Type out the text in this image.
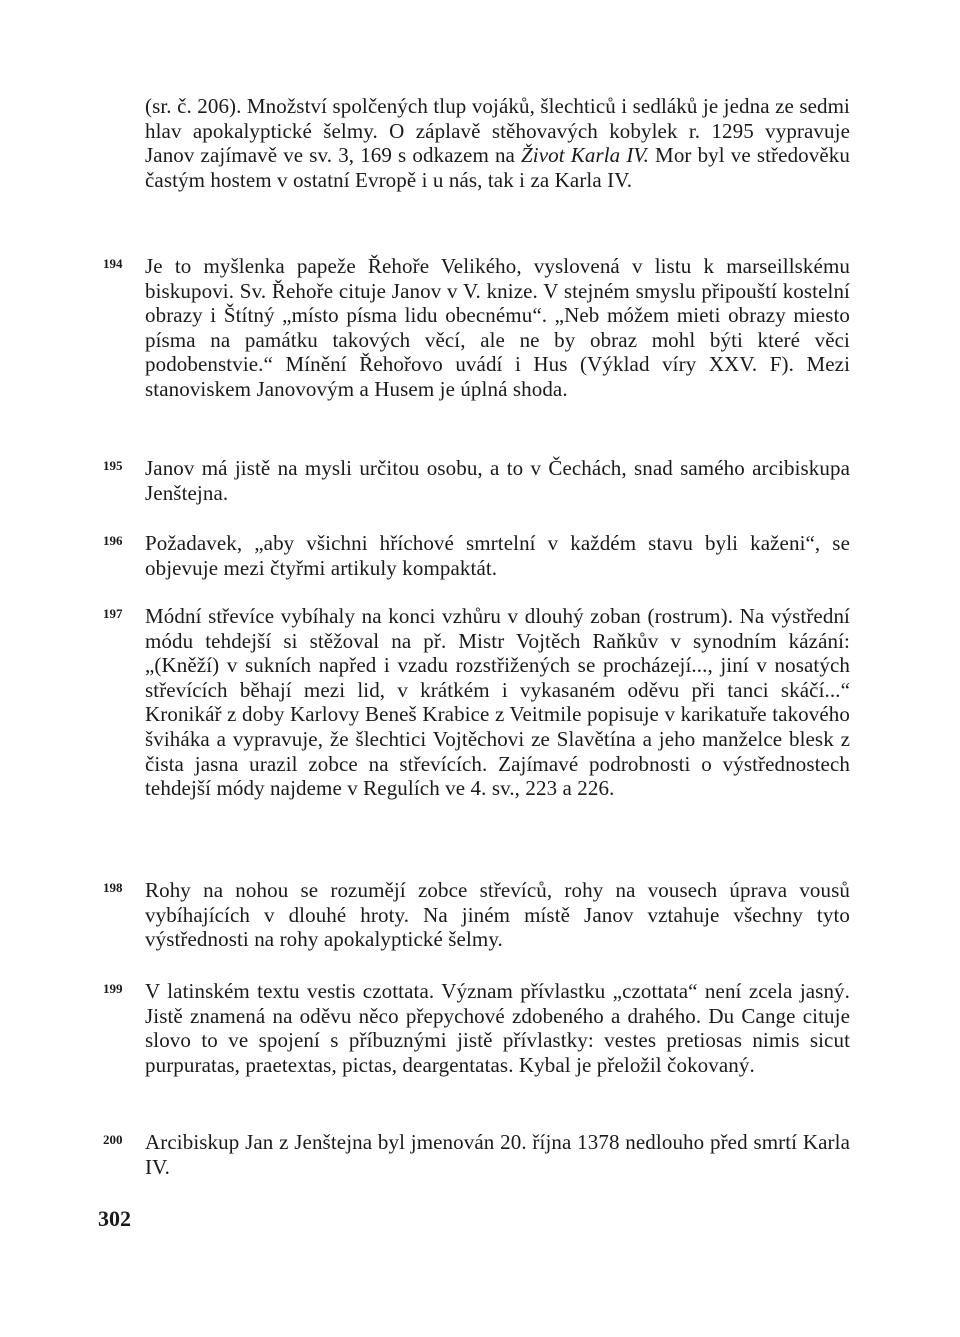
(sr. č. 206). Množství spolčených tlup vojáků, šlechticů i sedláků je jedna ze sedmi hlav apokalyptické šelmy. O záplavě stěhovavých kobylek r. 1295 vypravuje Janov zajímavě ve sv. 3, 169 s odkazem na Život Karla IV. Mor byl ve středověku častým hostem v ostatní Evropě i u nás, tak i za Karla IV.

194 Je to myšlenka papeže Řehoře Velikého, vyslovená v listu k marseillskému biskupovi. Sv. Řehoře cituje Janov v V. knize. V stejném smyslu připouští kostelní obrazy i Štítný „místo písma lidu obecnému“. „Neb móžem mieti obrazy miesto písma na památku takových věcí, ale ne by obraz mohl býti které věci podobenstvie.“ Mínění Řehořovo uvádí i Hus (Výklad víry XXV. F). Mezi stanoviskem Janovovým a Husem je úplná shoda.

195 Janov má jistě na mysli určitou osobu, a to v Čechách, snad samého arcibiskupa Jenštejna.

196 Požadavek, „aby všichni hříchové smrtelní v každém stavu byli kaženi“, se objevuje mezi čtyřmi artikuly kompaktát.

197 Módní střevíce vybíhaly na konci vzhůru v dlouhý zoban (rostrum). Na výstřední módu tehdejší si stěžoval na př. Mistr Vojtěch Raňkův v synodním kázání: „(Kněží) v sukních napřed i vzadu rozstřižených se procházejí..., jiní v nosatých střevících běhají mezi lid, v krátkém i vykasaném oděvu při tanci skáčí...“ Kronikář z doby Karlovy Beneš Krabice z Veitmile popisuje v karikatuře takového šviháka a vypravuje, že šlechtici Vojtěchovi ze Slavětína a jeho manželce blesk z čista jasna urazil zobce na střevících. Zajímavé podrobnosti o výstřednostech tehdejší módy najdeme v Regulích ve 4. sv., 223 a 226.

198 Rohy na nohou se rozumějí zobce střevíců, rohy na vousech úprava vousů vybíhajících v dlouhé hroty. Na jiném místě Janov vztahuje všechny tyto výstřednosti na rohy apokalyptické šelmy.

199 V latinském textu vestis czottata. Význam přívlastku „czottata“ není zcela jasný. Jistě znamená na oděvu něco přepychové zdobeného a drahého. Du Cange cituje slovo to ve spojení s příbuznými jistě přívlastky: vestes pretiosas nimis sicut purpuratas, praetextas, pictas, deargentatas. Kybal je přeložil čokovaný.

200 Arcibiskup Jan z Jenštejna byl jmenován 20. října 1378 nedlouho před smrtí Karla IV.

302
